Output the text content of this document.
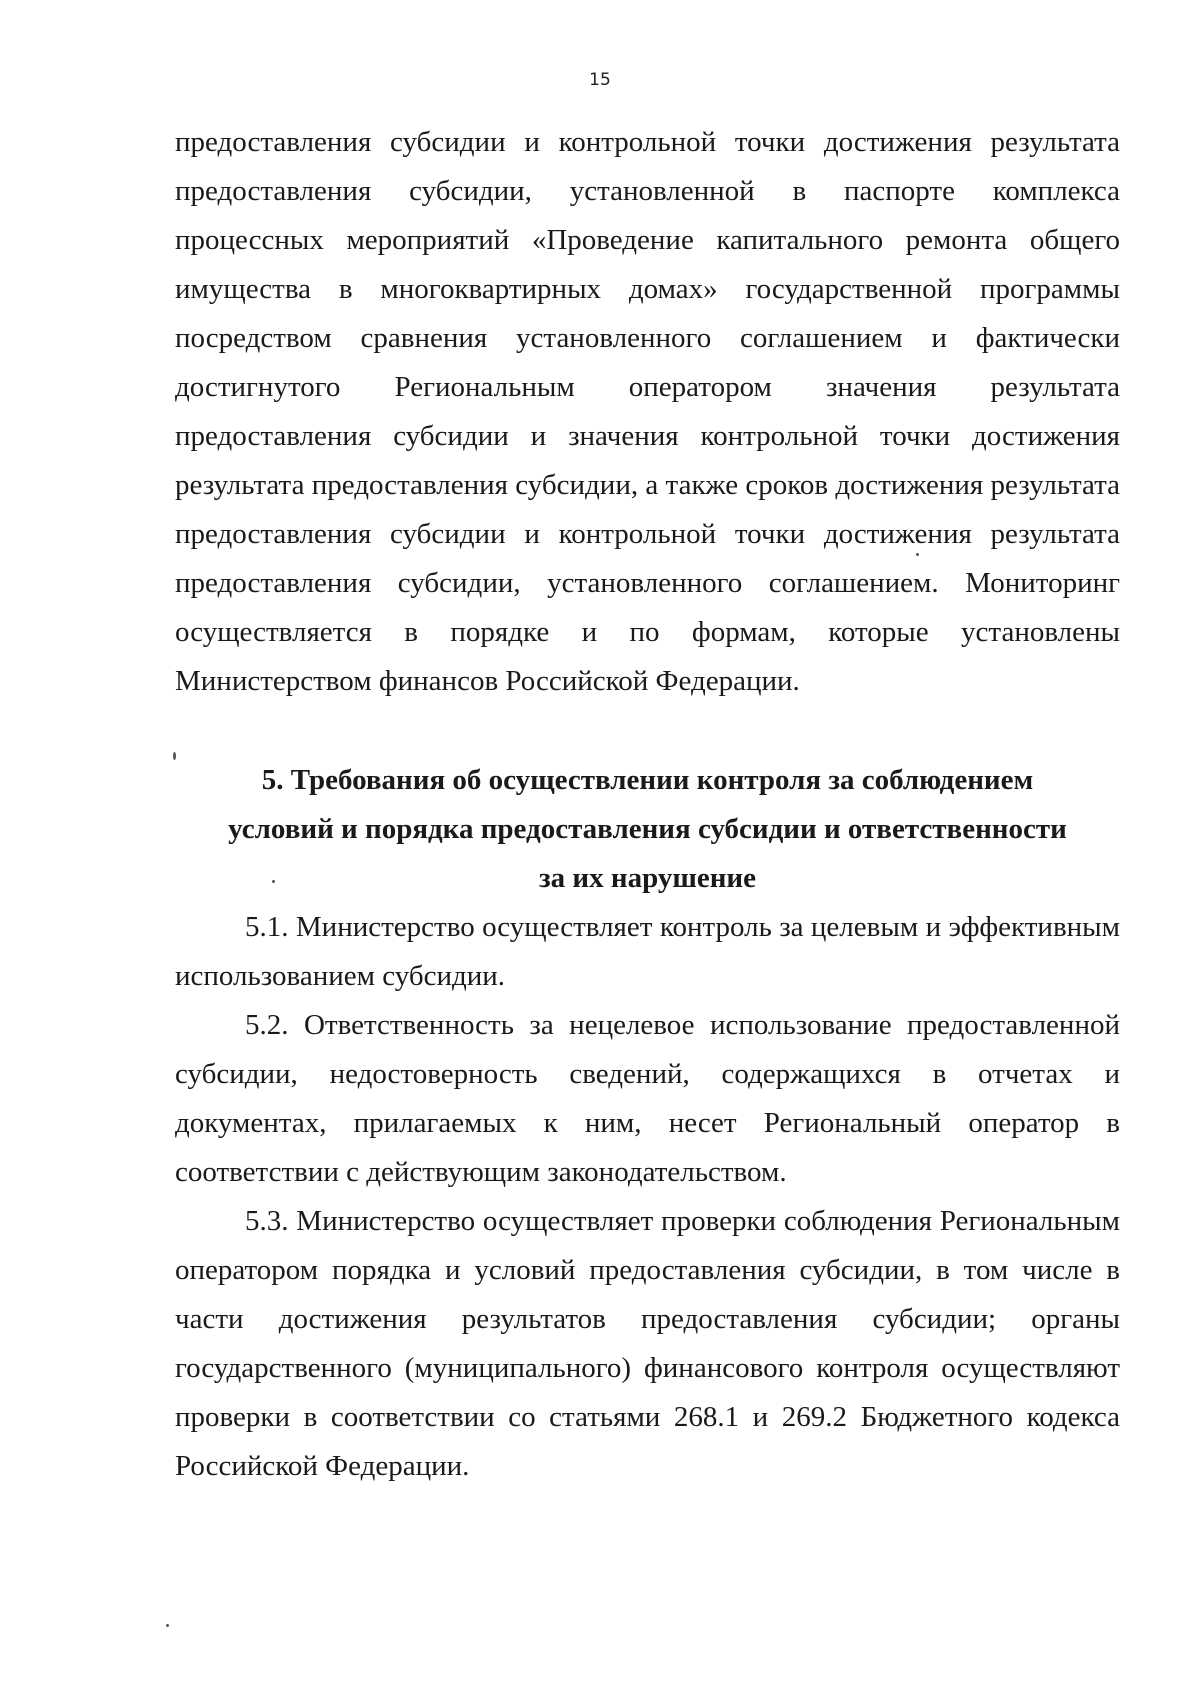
15

предоставления субсидии и контрольной точки достижения результата предоставления субсидии, установленной в паспорте комплекса процессных мероприятий «Проведение капитального ремонта общего имущества в многоквартирных домах» государственной программы посредством сравнения установленного соглашением и фактически достигнутого Региональным оператором значения результата предоставления субсидии и значения контрольной точки достижения результата предоставления субсидии, а также сроков достижения результата предоставления субсидии и контрольной точки достижения результата предоставления субсидии, установленного соглашением. Мониторинг осуществляется в порядке и по формам, которые установлены Министерством финансов Российской Федерации.

5. Требования об осуществлении контроля за соблюдением
условий и порядка предоставления субсидии и ответственности
за их нарушение

5.1. Министерство осуществляет контроль за целевым и эффективным использованием субсидии.

5.2. Ответственность за нецелевое использование предоставленной субсидии, недостоверность сведений, содержащихся в отчетах и документах, прилагаемых к ним, несет Региональный оператор в соответствии с действующим законодательством.

5.3. Министерство осуществляет проверки соблюдения Региональным оператором порядка и условий предоставления субсидии, в том числе в части достижения результатов предоставления субсидии; органы государственного (муниципального) финансового контроля осуществляют проверки в соответствии со статьями 268.1 и 269.2 Бюджетного кодекса Российской Федерации.
